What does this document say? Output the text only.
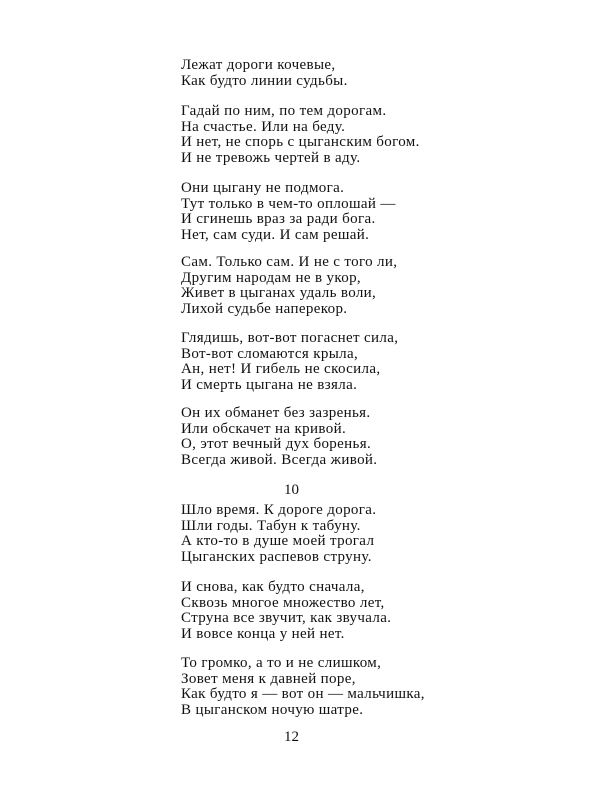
Лежат дороги кочевые,
Как будто линии судьбы.
Гадай по ним, по тем дорогам.
На счастье. Или на беду.
И нет, не спорь с цыганским богом.
И не тревожь чертей в аду.
Они цыгану не подмога.
Тут только в чем-то оплошай —
И сгинешь враз за ради бога.
Нет, сам суди. И сам решай.
Сам. Только сам. И не с того ли,
Другим народам не в укор,
Живет в цыганах удаль воли,
Лихой судьбе наперекор.
Глядишь, вот-вот погаснет сила,
Вот-вот сломаются крыла,
Ан, нет! И гибель не скосила,
И смерть цыгана не взяла.
Он их обманет без зазренья.
Или обскачет на кривой.
О, этот вечный дух боренья.
Всегда живой. Всегда живой.
10
Шло время. К дороге дорога.
Шли годы. Табун к табуну.
А кто-то в душе моей трогал
Цыганских распевов струну.
И снова, как будто сначала,
Сквозь многое множество лет,
Струна все звучит, как звучала.
И вовсе конца у ней нет.
То громко, а то и не слишком,
Зовет меня к давней поре,
Как будто я — вот он — мальчишка,
В цыганском ночую шатре.
12
